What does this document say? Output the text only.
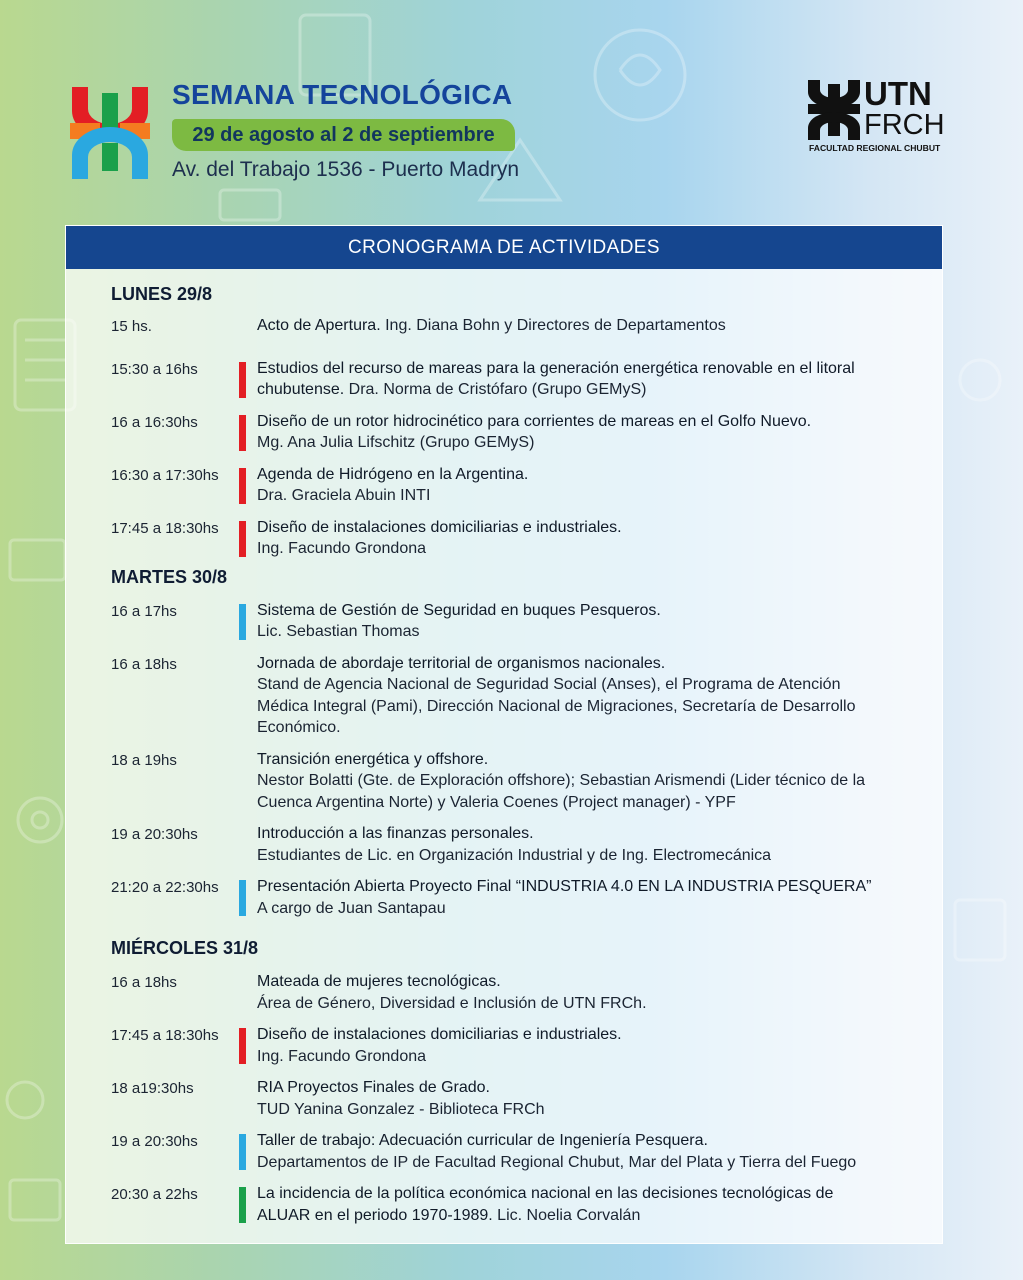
SEMANA TECNOLÓGICA
29 de agosto al 2 de septiembre
Av. del Trabajo 1536 - Puerto Madryn
UTN
FRCH
FACULTAD REGIONAL CHUBUT
CRONOGRAMA DE ACTIVIDADES
LUNES 29/8
15 hs.	Acto de Apertura. Ing. Diana Bohn y Directores de Departamentos
15:30 a 16hs	Estudios del recurso de mareas para la generación energética renovable en el litoral chubutense. Dra. Norma de Cristófaro (Grupo GEMyS)
16 a 16:30hs	Diseño de un rotor hidrocinético para corrientes de mareas en el Golfo Nuevo.
Mg. Ana Julia Lifschitz (Grupo GEMyS)
16:30 a 17:30hs	Agenda de Hidrógeno en la Argentina.
Dra. Graciela Abuin INTI
17:45 a 18:30hs	Diseño de instalaciones domiciliarias e industriales.
Ing. Facundo Grondona
MARTES 30/8
16 a 17hs	Sistema de Gestión de Seguridad en buques Pesqueros.
Lic. Sebastian Thomas
16 a 18hs	Jornada de abordaje territorial de organismos nacionales.
Stand de Agencia Nacional de Seguridad Social (Anses), el Programa de Atención Médica Integral (Pami), Dirección Nacional de Migraciones, Secretaría de Desarrollo Económico.
18 a 19hs	Transición energética y offshore.
Nestor Bolatti (Gte. de Exploración offshore); Sebastian Arismendi (Lider técnico de la Cuenca Argentina Norte) y Valeria Coenes (Project manager) - YPF
19 a 20:30hs	Introducción a las finanzas personales.
Estudiantes de Lic. en Organización Industrial y de Ing. Electromecánica
21:20 a 22:30hs	Presentación Abierta Proyecto Final “INDUSTRIA 4.0 EN LA INDUSTRIA PESQUERA”
A cargo de Juan Santapau
MIÉRCOLES 31/8
16 a 18hs	Mateada de mujeres tecnológicas.
Área de Género, Diversidad e Inclusión de UTN FRCh.
17:45 a 18:30hs	Diseño de instalaciones domiciliarias e industriales.
Ing. Facundo Grondona
18 a19:30hs	RIA Proyectos Finales de Grado.
TUD Yanina Gonzalez - Biblioteca FRCh
19 a 20:30hs	Taller de trabajo: Adecuación curricular de Ingeniería Pesquera.
Departamentos de IP de Facultad Regional Chubut, Mar del Plata y Tierra del Fuego
20:30 a 22hs	La incidencia de la política económica nacional en las decisiones tecnológicas de ALUAR en el periodo 1970-1989. Lic. Noelia Corvalán
